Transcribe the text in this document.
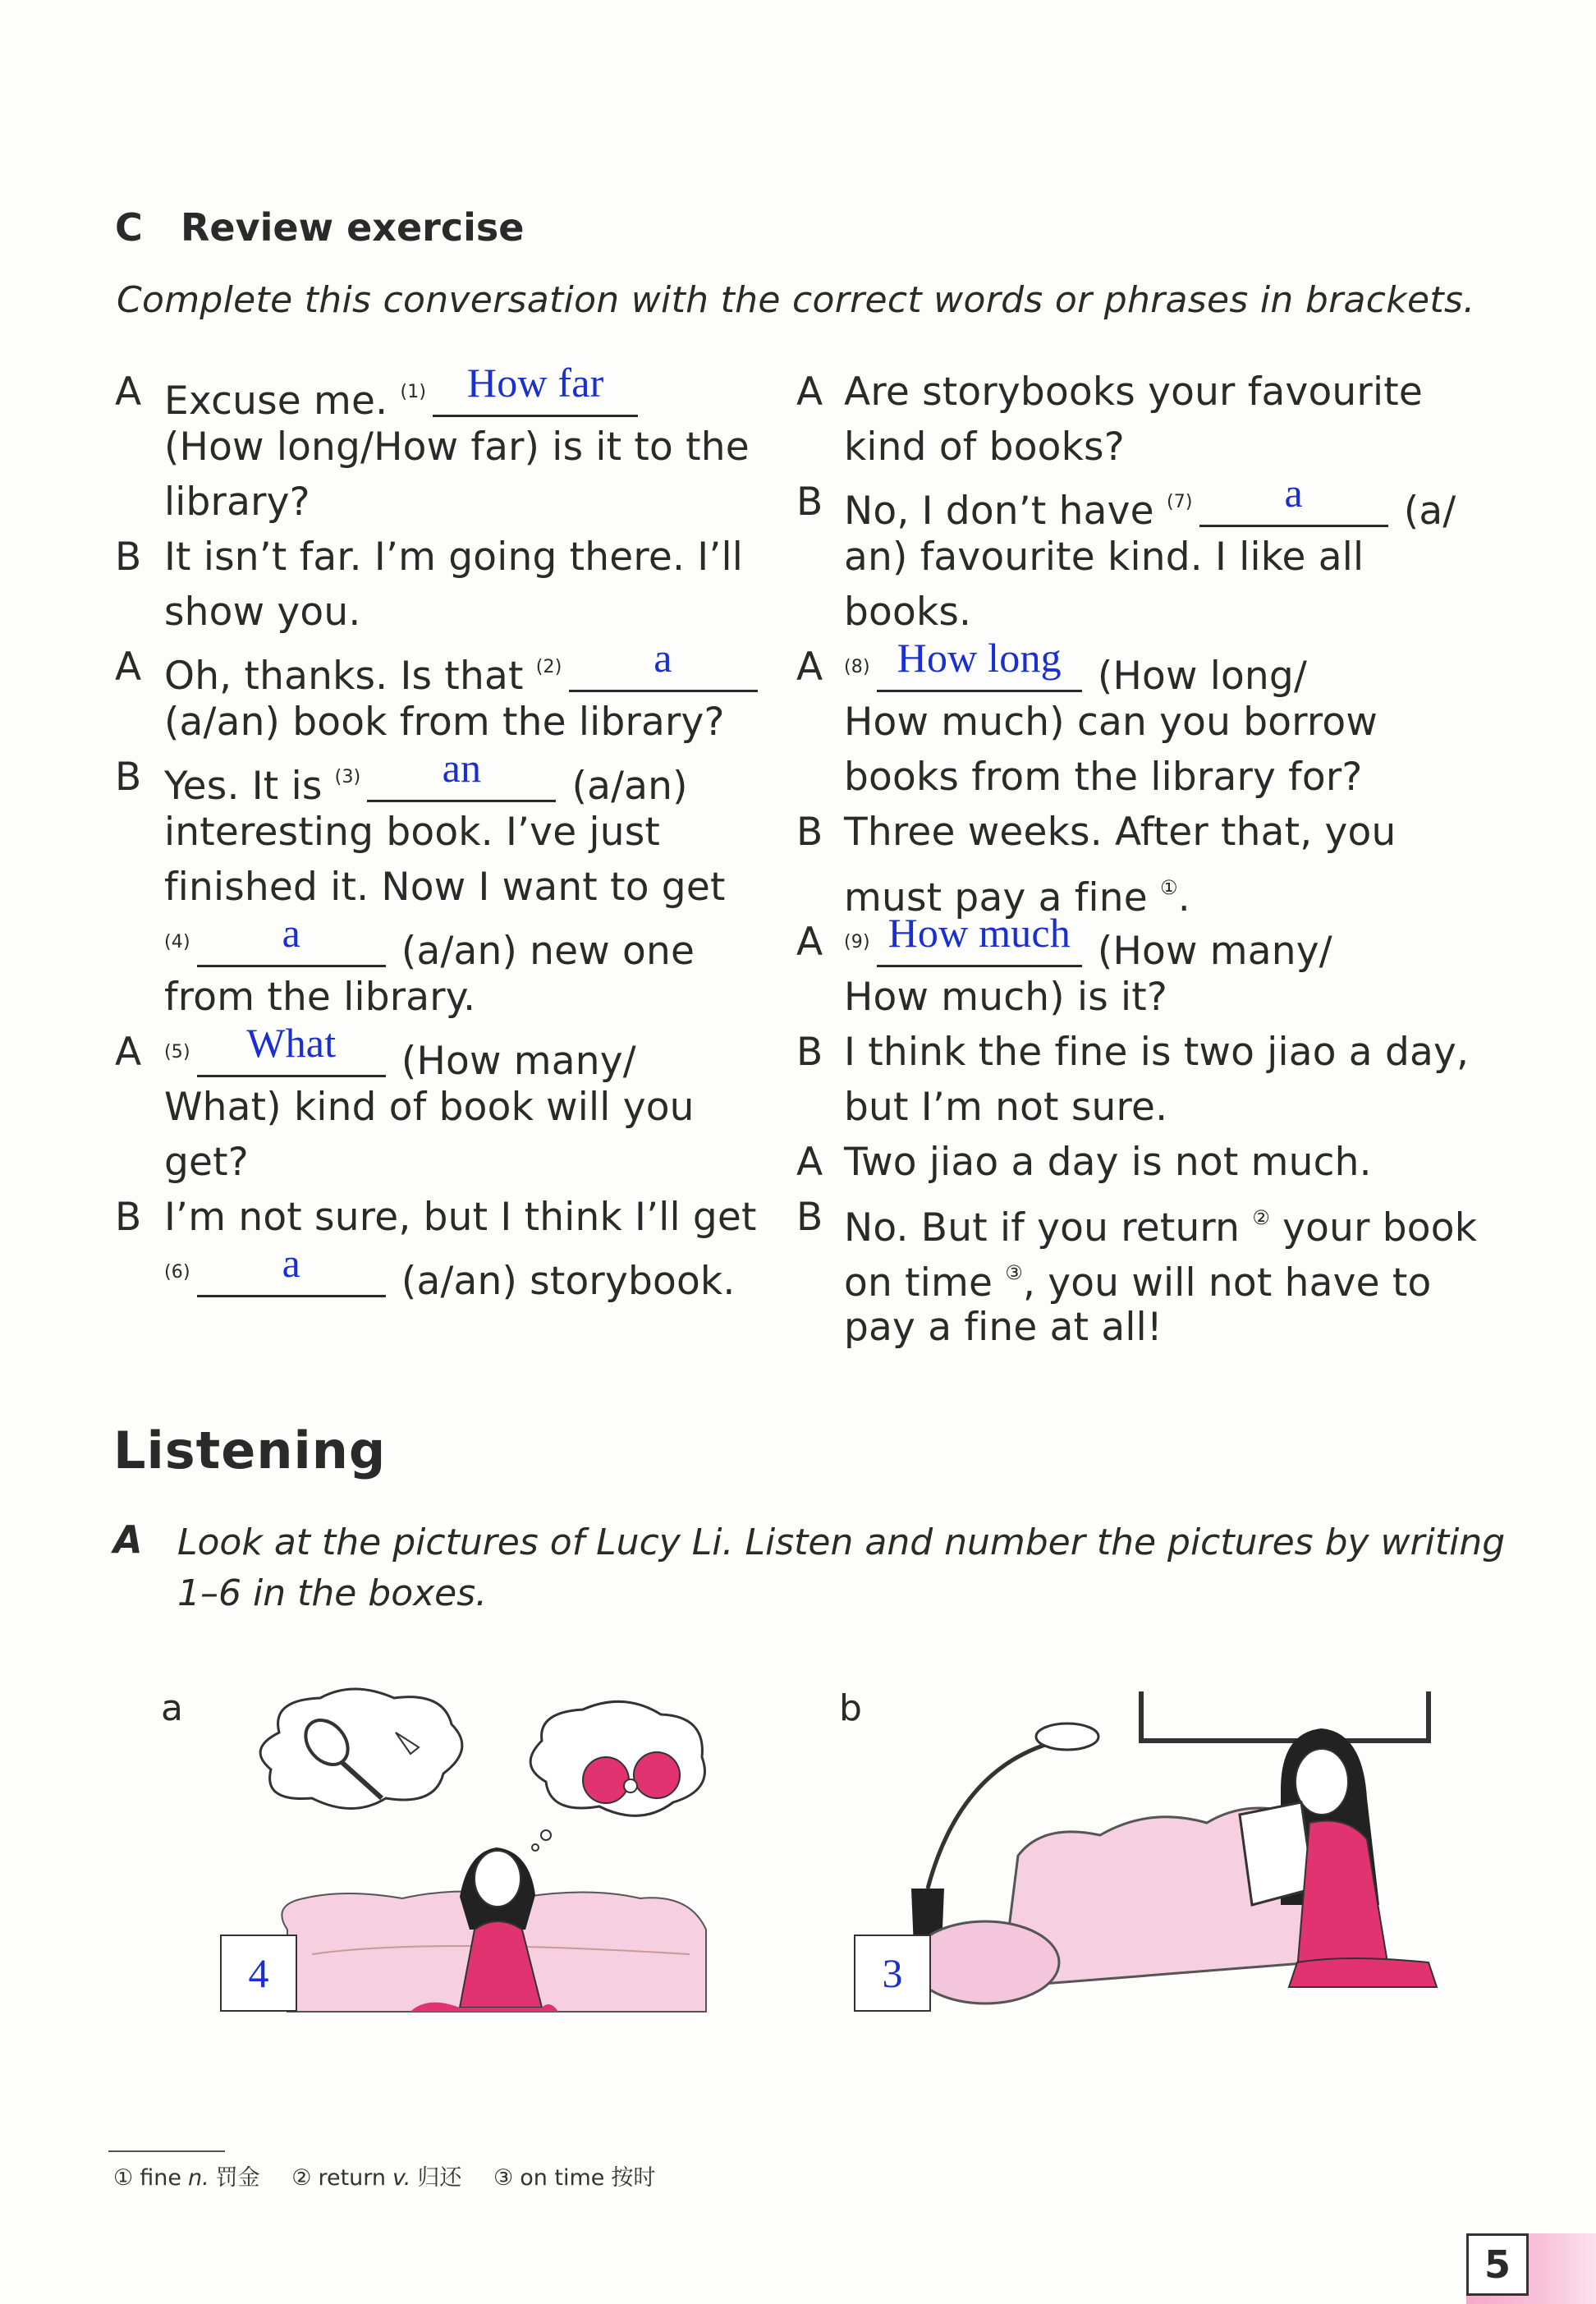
C Review exercise
Complete this conversation with the correct words or phrases in brackets.
A Excuse me. $^{(1)}$ How far
(How long/How far) is it to the
library?
B It isn’t far. I’m going there. I’ll
show you.
A Oh, thanks. Is that $^{(2)}$	a
(a/an) book from the library?
B Yes. It is $^{(3)}$	an	(a/an)
interesting book. I’ve just
finished it. Now I want to get
$^{(4)}$	a	(a/an) new one
from the library.
A $^{(5)}$	What	(How many/
What) kind of book will you
get?
B I’m not sure, but I think I’ll get
$^{(6)}$	a	(a/an) storybook.
A Are storybooks your favourite
kind of books?
B No, I don’t have $^{(7)}$	a	(a/
an) favourite kind. I like all
books.
A $^{(8)}$ How long (How long/
How much) can you borrow
books from the library for?
B Three weeks. After that, you
must pay a fine ①.
A $^{(9)}$ How much (How many/
How much) is it?
B I think the fine is two jiao a day,
but I’m not sure.
A Two jiao a day is not much.
B No. But if you return ② your book
on time ③, you will not have to
pay a fine at all!
Listening
A Look at the pictures of Lucy Li. Listen and number the pictures by writing
1–6 in the boxes.
a
4
b
3
① fine n. 罚金 ② return v. 归还 ③ on time 按时
5
